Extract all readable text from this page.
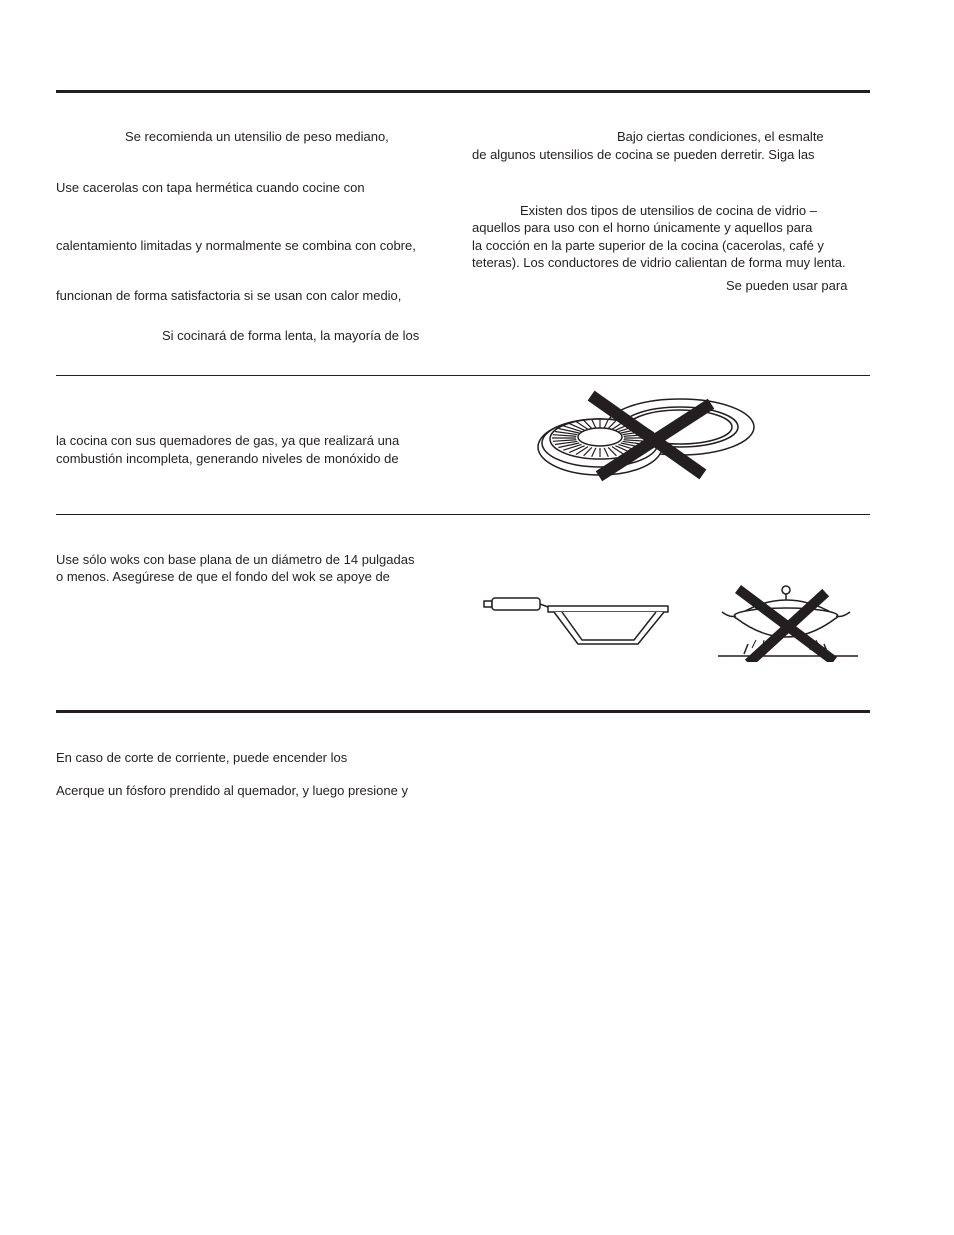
Se recomienda un utensilio de peso mediano,
Use cacerolas con tapa hermética cuando cocine con
calentamiento limitadas y normalmente se combina con cobre,
funcionan de forma satisfactoria si se usan con calor medio,
Si cocinará de forma lenta, la mayoría de los
Bajo ciertas condiciones, el esmalte
de algunos utensilios de cocina se pueden derretir. Siga las
Existen dos tipos de utensilios de cocina de vidrio –
aquellos para uso con el horno únicamente y aquellos para
la cocción en la parte superior de la cocina (cacerolas, café y
teteras). Los conductores de vidrio calientan de forma muy lenta.
Se pueden usar para
la cocina con sus quemadores de gas, ya que realizará una
combustión incompleta, generando niveles de monóxido de
Use sólo woks con base plana de un diámetro de 14 pulgadas
o menos. Asegúrese de que el fondo del wok se apoye de
En caso de corte de corriente, puede encender los
Acerque un fósforo prendido al quemador, y luego presione y
